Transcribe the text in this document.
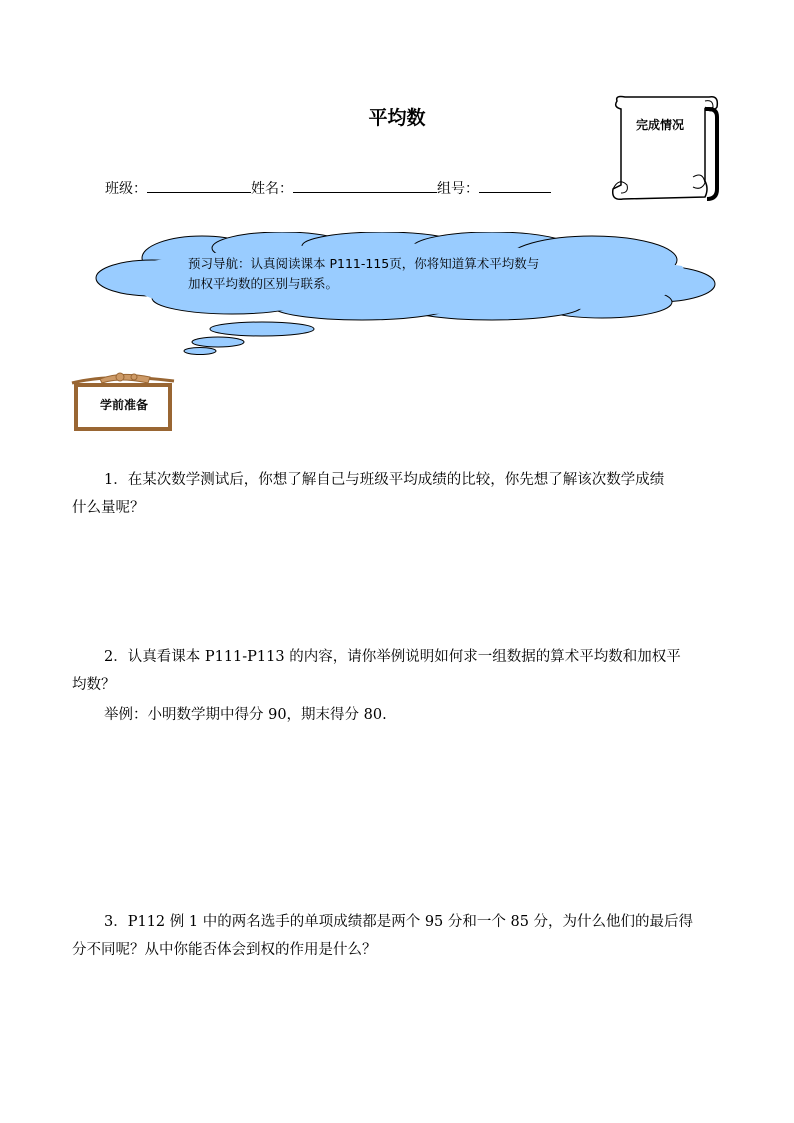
平均数	完成情况
班级：	姓名：	组号：
预习导航：认真阅读课本 P111-115页，你将知道算术平均数与
加权平均数的区别与联系。
学前准备
1．在某次数学测试后，你想了解自己与班级平均成绩的比较，你先想了解该次数学成绩
什么量呢？
2．认真看课本 P111-P113 的内容，请你举例说明如何求一组数据的算术平均数和加权平
均数？
举例：小明数学期中得分 90，期末得分 80.
3．P112 例 1 中的两名选手的单项成绩都是两个 95 分和一个 85 分，为什么他们的最后得
分不同呢？从中你能否体会到权的作用是什么？
